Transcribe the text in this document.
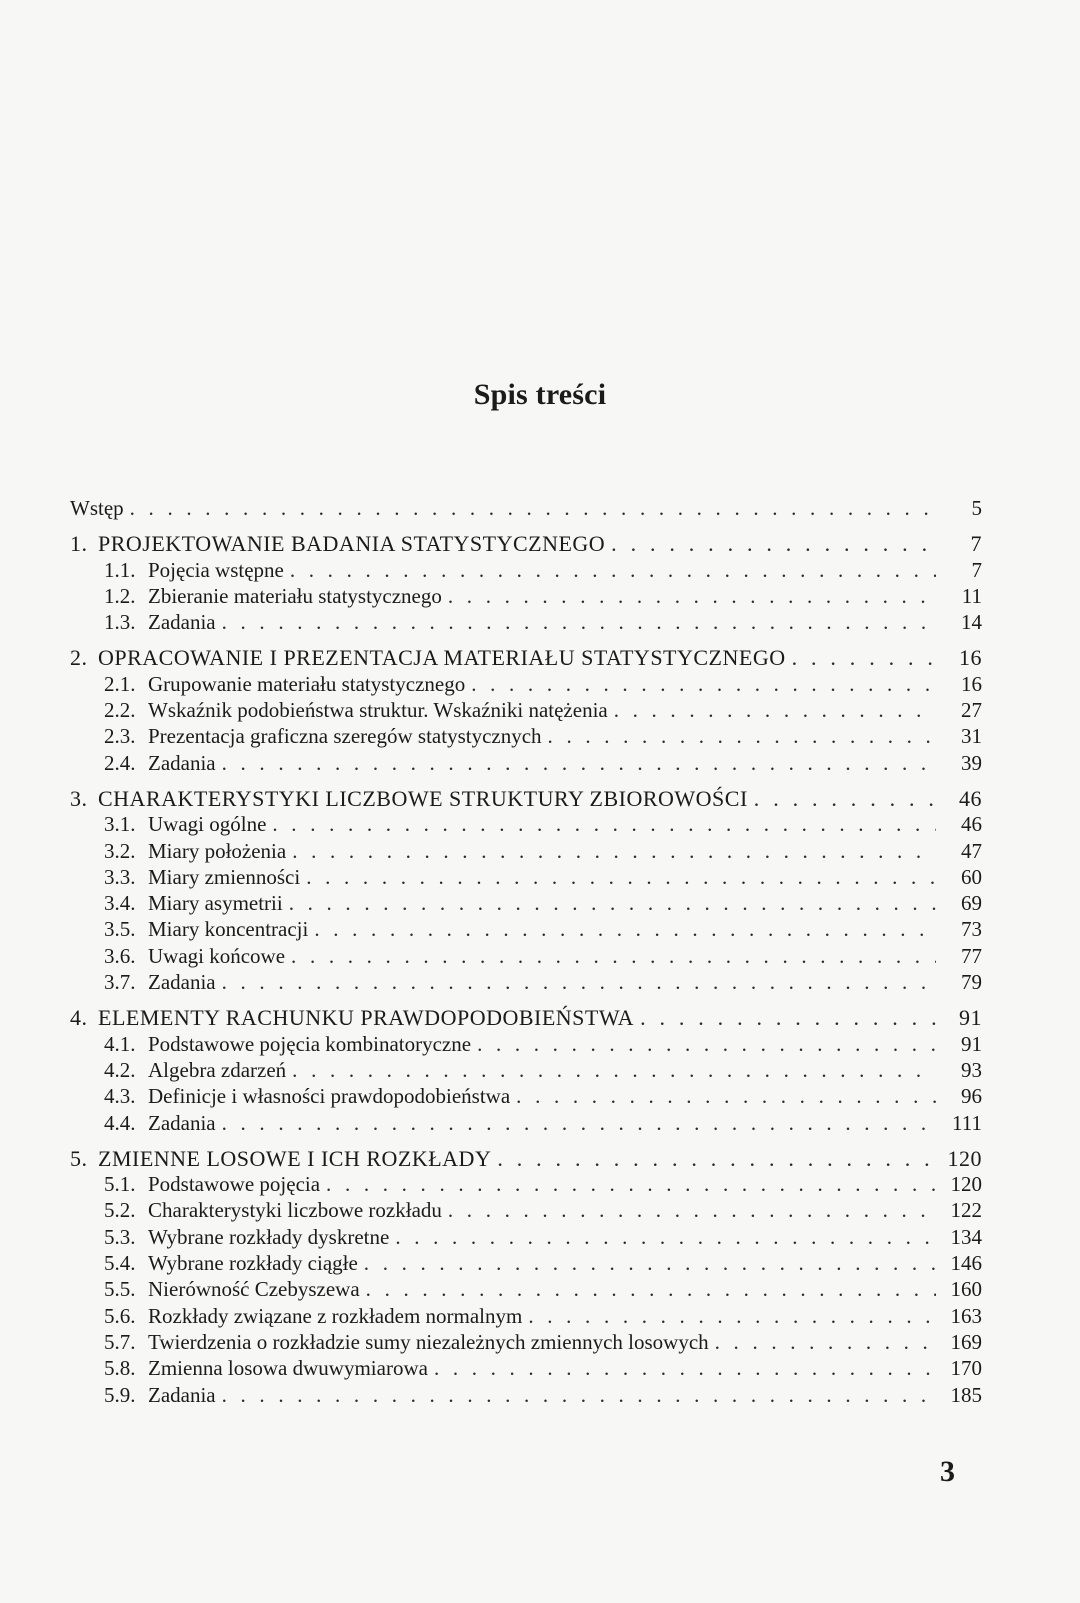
Spis treści
Wstęp . . .	5
1. PROJEKTOWANIE BADANIA STATYSTYCZNEGO . . .	7
1.1. Pojęcia wstępne . . .	7
1.2. Zbieranie materiału statystycznego . . .	11
1.3. Zadania . . .	14
2. OPRACOWANIE I PREZENTACJA MATERIAŁU STATYSTYCZNEGO . . .	16
2.1. Grupowanie materiału statystycznego . . .	16
2.2. Wskaźnik podobieństwa struktur. Wskaźniki natężenia . . .	27
2.3. Prezentacja graficzna szeregów statystycznych . . .	31
2.4. Zadania . . .	39
3. CHARAKTERYSTYKI LICZBOWE STRUKTURY ZBIOROWOŚCI . . .	46
3.1. Uwagi ogólne . . .	46
3.2. Miary położenia . . .	47
3.3. Miary zmienności . . .	60
3.4. Miary asymetrii . . .	69
3.5. Miary koncentracji . . .	73
3.6. Uwagi końcowe . . .	77
3.7. Zadania . . .	79
4. ELEMENTY RACHUNKU PRAWDOPODOBIEŃSTWA . . .	91
4.1. Podstawowe pojęcia kombinatoryczne . . .	91
4.2. Algebra zdarzeń . . .	93
4.3. Definicje i własności prawdopodobieństwa . . .	96
4.4. Zadania . . .	111
5. ZMIENNE LOSOWE I ICH ROZKŁADY . . .	120
5.1. Podstawowe pojęcia . . .	120
5.2. Charakterystyki liczbowe rozkładu . . .	122
5.3. Wybrane rozkłady dyskretne . . .	134
5.4. Wybrane rozkłady ciągłe . . .	146
5.5. Nierówność Czebyszewa . . .	160
5.6. Rozkłady związane z rozkładem normalnym . . .	163
5.7. Twierdzenia o rozkładzie sumy niezależnych zmiennych losowych . . .	169
5.8. Zmienna losowa dwuwymiarowa . . .	170
5.9. Zadania . . .	185
3
